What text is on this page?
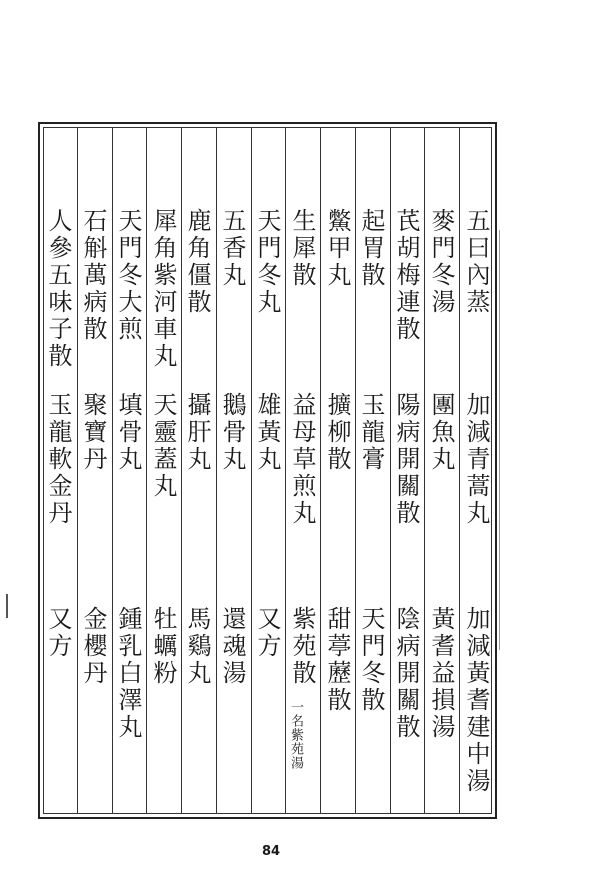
五曰內蒸
加減青蒿丸
加減黃耆建中湯
麥門冬湯
團魚丸
黃耆益損湯
芪胡梅連散
陽病開關散
陰病開關散
起胃散
玉龍膏
天門冬散
鱉甲丸
擴柳散
甜葶藶散
生犀散
益母草煎丸
紫苑散
一名紫苑湯
天門冬丸
雄黃丸
又方
五香丸
鵝骨丸
還魂湯
鹿角僵散
攝肝丸
馬鷄丸
犀角紫河車丸
天靈蓋丸
牡蠣粉
天門冬大煎
填骨丸
鍾乳白澤丸
石斛萬病散
聚寶丹
金櫻丹
人參五味子散
玉龍軟金丹
又方
84
